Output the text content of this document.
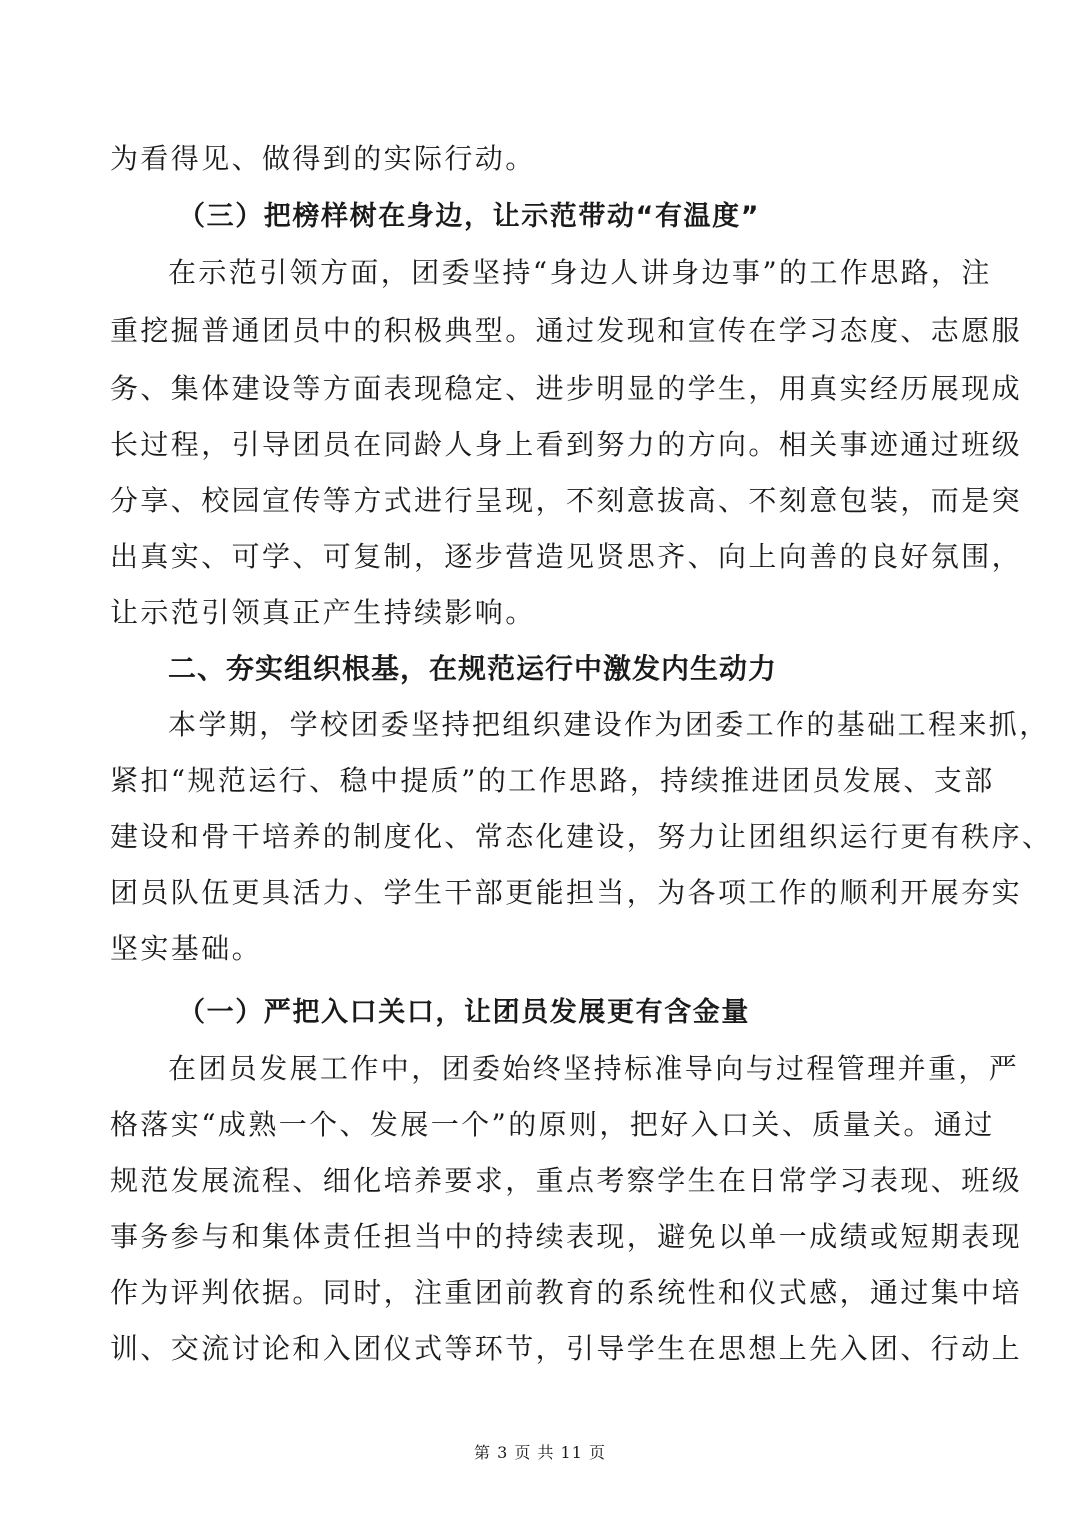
为看得见、做得到的实际行动。
（三）把榜样树在身边，让示范带动“有温度”
在示范引领方面，团委坚持“身边人讲身边事”的工作思路，注
重挖掘普通团员中的积极典型。通过发现和宣传在学习态度、志愿服
务、集体建设等方面表现稳定、进步明显的学生，用真实经历展现成
长过程，引导团员在同龄人身上看到努力的方向。相关事迹通过班级
分享、校园宣传等方式进行呈现，不刻意拔高、不刻意包装，而是突
出真实、可学、可复制，逐步营造见贤思齐、向上向善的良好氛围，
让示范引领真正产生持续影响。
二、夯实组织根基，在规范运行中激发内生动力
本学期，学校团委坚持把组织建设作为团委工作的基础工程来抓，
紧扣“规范运行、稳中提质”的工作思路，持续推进团员发展、支部
建设和骨干培养的制度化、常态化建设，努力让团组织运行更有秩序、
团员队伍更具活力、学生干部更能担当，为各项工作的顺利开展夯实
坚实基础。
（一）严把入口关口，让团员发展更有含金量
在团员发展工作中，团委始终坚持标准导向与过程管理并重，严
格落实“成熟一个、发展一个”的原则，把好入口关、质量关。通过
规范发展流程、细化培养要求，重点考察学生在日常学习表现、班级
事务参与和集体责任担当中的持续表现，避免以单一成绩或短期表现
作为评判依据。同时，注重团前教育的系统性和仪式感，通过集中培
训、交流讨论和入团仪式等环节，引导学生在思想上先入团、行动上
第 3 页 共 11 页
